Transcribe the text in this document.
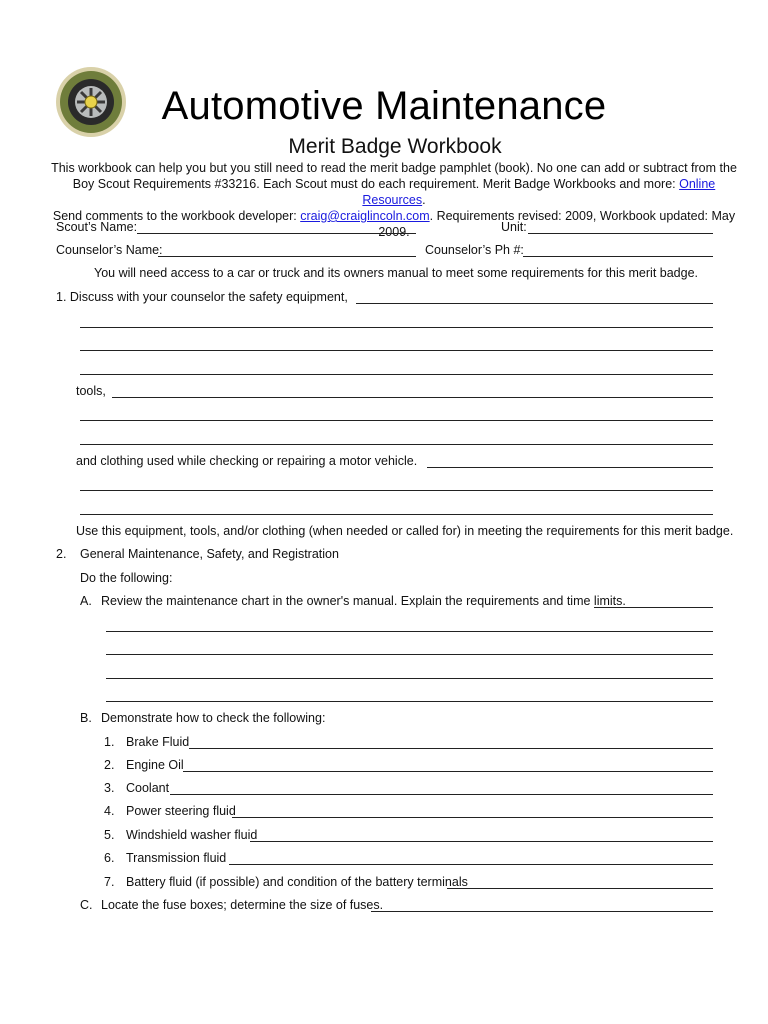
Automotive Maintenance
Merit Badge Workbook
This workbook can help you but you still need to read the merit badge pamphlet (book). No one can add or subtract from the Boy Scout Requirements #33216. Each Scout must do each requirement. Merit Badge Workbooks and more: Online Resources.
Send comments to the workbook developer: craig@craiglincoln.com. Requirements revised: 2009, Workbook updated: May 2009.
Scout’s Name:	Unit:
Counselor’s Name:	Counselor’s Ph #:
You will need access to a car or truck and its owners manual to meet some requirements for this merit badge.
1. Discuss with your counselor the safety equipment,
tools,
and clothing used while checking or repairing a motor vehicle.
Use this equipment, tools, and/or clothing (when needed or called for) in meeting the requirements for this merit badge.
2. General Maintenance, Safety, and Registration
Do the following:
A. Review the maintenance chart in the owner's manual. Explain the requirements and time limits.
B. Demonstrate how to check the following:
1. Brake Fluid
2. Engine Oil
3. Coolant
4. Power steering fluid
5. Windshield washer fluid
6. Transmission fluid
7. Battery fluid (if possible) and condition of the battery terminals
C. Locate the fuse boxes; determine the size of fuses.
